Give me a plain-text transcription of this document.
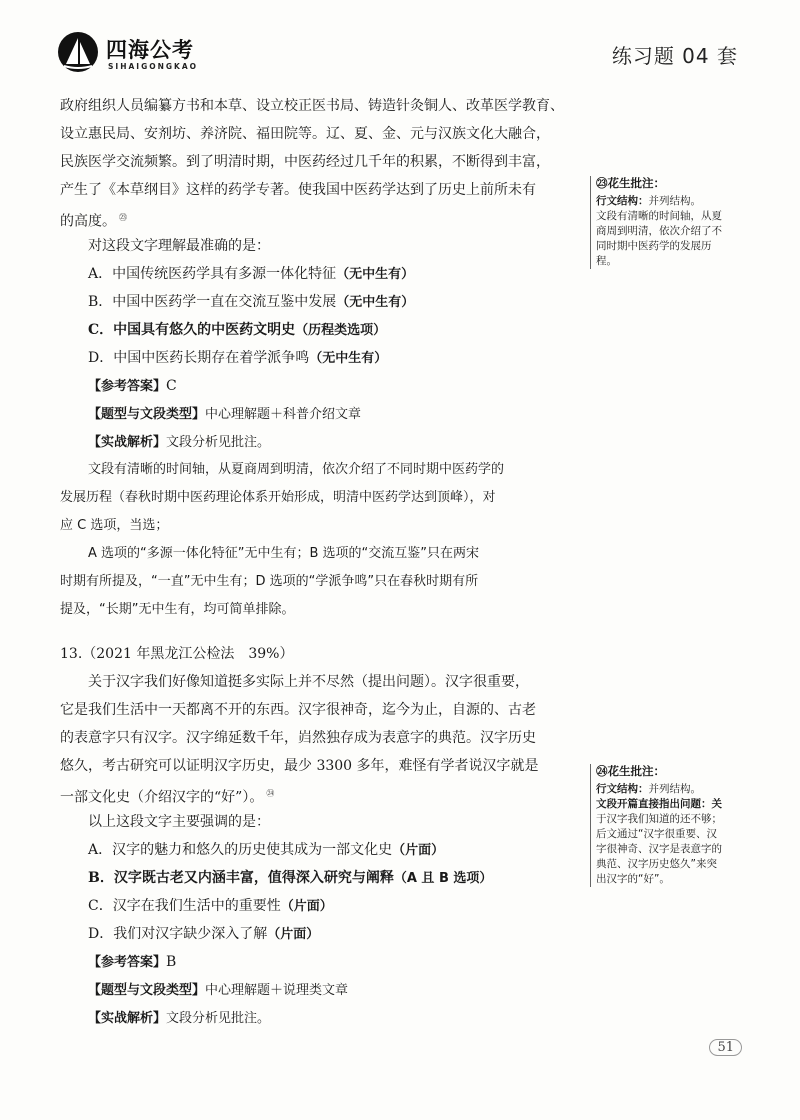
四海公考
SIHAIGONGKAO	练习题 04 套
政府组织人员编纂方书和本草、设立校正医书局、铸造针灸铜人、改革医学教育、
设立惠民局、安剂坊、养济院、福田院等。辽、夏、金、元与汉族文化大融合，
民族医学交流频繁。到了明清时期，中医药经过几千年的积累，不断得到丰富，
产生了《本草纲目》这样的药学专著。使我国中医药学达到了历史上前所未有
的高度。 $^㉓$
对这段文字理解最准确的是：
A．中国传统医药学具有多源一体化特征（无中生有）
B．中国中医药学一直在交流互鉴中发展（无中生有）
C．中国具有悠久的中医药文明史（历程类选项）
D．中国中医药长期存在着学派争鸣（无中生有）
【参考答案】C
【题型与文段类型】中心理解题＋科普介绍文章
【实战解析】文段分析见批注。
文段有清晰的时间轴，从夏商周到明清，依次介绍了不同时期中医药学的
发展历程（春秋时期中医药理论体系开始形成，明清中医药学达到顶峰），对
应 C 选项，当选；
A 选项的“多源一体化特征”无中生有；B 选项的“交流互鉴”只在两宋
时期有所提及，“一直”无中生有；D 选项的“学派争鸣”只在春秋时期有所
提及，“长期”无中生有，均可简单排除。
13.（2021 年黑龙江公检法　39%）
关于汉字我们好像知道挺多实际上并不尽然（提出问题）。汉字很重要，
它是我们生活中一天都离不开的东西。汉字很神奇，迄今为止，自源的、古老
的表意字只有汉字。汉字绵延数千年，岿然独存成为表意字的典范。汉字历史
悠久，考古研究可以证明汉字历史，最少 3300 多年，难怪有学者说汉字就是
一部文化史（介绍汉字的“好”）。 $^㉔$
以上这段文字主要强调的是：
A．汉字的魅力和悠久的历史使其成为一部文化史（片面）
B．汉字既古老又内涵丰富，值得深入研究与阐释（A 且 B 选项）
C．汉字在我们生活中的重要性（片面）
D．我们对汉字缺少深入了解（片面）
【参考答案】B
【题型与文段类型】中心理解题＋说理类文章
【实战解析】文段分析见批注。
㉓花生批注：
行文结构：并列结构。
文段有清晰的时间轴，从夏
商周到明清，依次介绍了不
同时期中医药学的发展历
程。
㉔花生批注：
行文结构：并列结构。
文段开篇直接指出问题：关
于汉字我们知道的还不够；
后文通过“汉字很重要、汉
字很神奇、汉字是表意字的
典范、汉字历史悠久”来突
出汉字的“好”。
51
